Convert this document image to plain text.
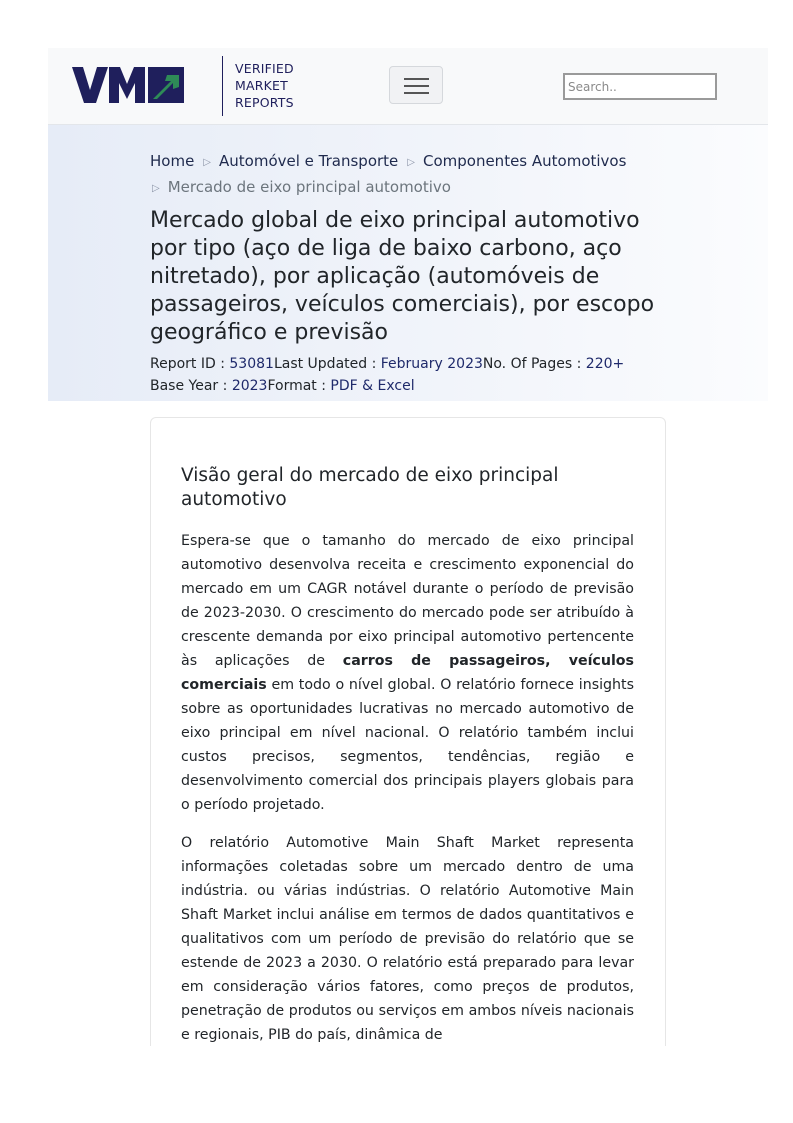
VERIFIED
MARKET
REPORTS
Search..
Home ▷ Automóvel e Transporte ▷ Componentes Automotivos
▷ Mercado de eixo principal automotivo
Mercado global de eixo principal automotivo por tipo (aço de liga de baixo carbono, aço nitretado), por aplicação (automóveis de passageiros, veículos comerciais), por escopo geográfico e previsão
Report ID : 53081Last Updated : February 2023No. Of Pages : 220+
Base Year : 2023Format : PDF & Excel
Visão geral do mercado de eixo principal automotivo

Espera-se que o tamanho do mercado de eixo principal automotivo desenvolva receita e crescimento exponencial do mercado em um CAGR notável durante o período de previsão de 2023-2030. O crescimento do mercado pode ser atribuído à crescente demanda por eixo principal automotivo pertencente às aplicações de carros de passageiros, veículos comerciais em todo o nível global. O relatório fornece insights sobre as oportunidades lucrativas no mercado automotivo de eixo principal em nível nacional. O relatório também inclui custos precisos, segmentos, tendências, região e desenvolvimento comercial dos principais players globais para o período projetado.

O relatório Automotive Main Shaft Market representa informações coletadas sobre um mercado dentro de uma indústria. ou várias indústrias. O relatório Automotive Main Shaft Market inclui análise em termos de dados quantitativos e qualitativos com um período de previsão do relatório que se estende de 2023 a 2030. O relatório está preparado para levar em consideração vários fatores, como preços de produtos, penetração de produtos ou serviços em ambos níveis nacionais e regionais, PIB do país, dinâmica de
